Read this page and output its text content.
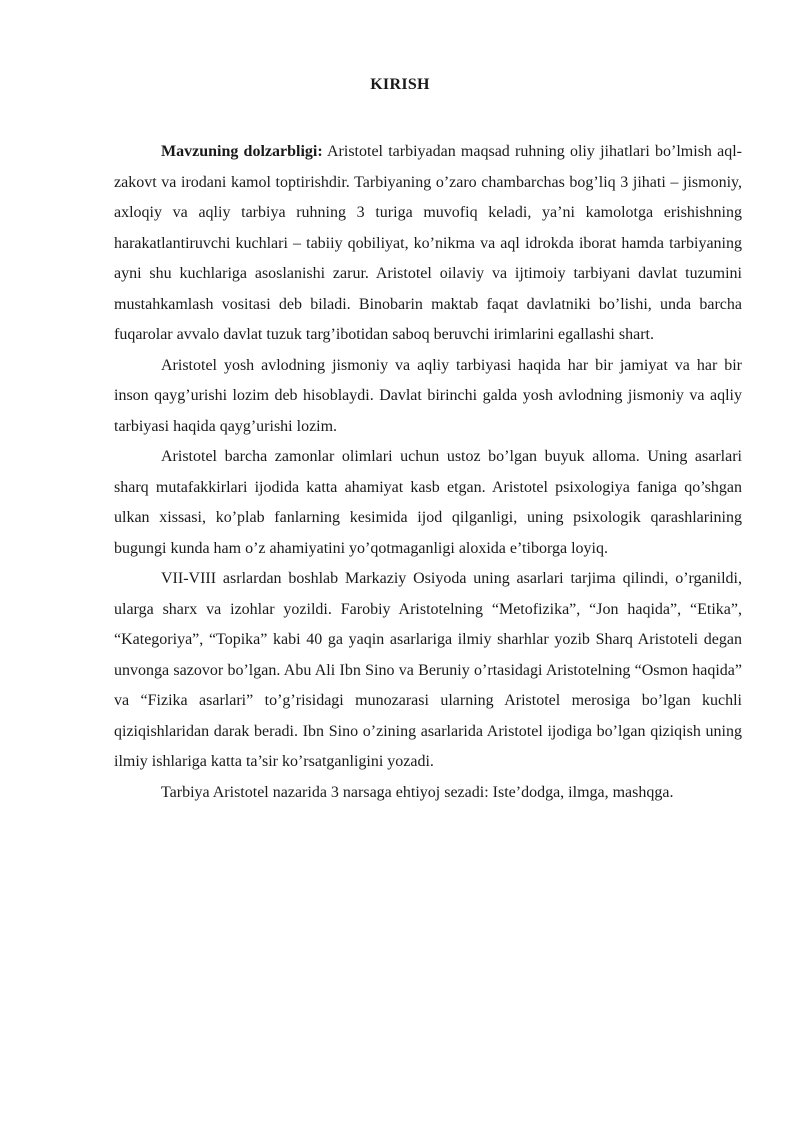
KIRISH

Mavzuning dolzarbligi: Aristotel tarbiyadan maqsad ruhning oliy jihatlari bo’lmish aql-zakovt va irodani kamol toptirishdir. Tarbiyaning o’zaro chambarchas bog’liq 3 jihati – jismoniy, axloqiy va aqliy tarbiya ruhning 3 turiga muvofiq keladi, ya’ni kamolotga erishishning harakatlantiruvchi kuchlari – tabiiy qobiliyat, ko’nikma va aql idrokda iborat hamda tarbiyaning ayni shu kuchlariga asoslanishi zarur. Aristotel oilaviy va ijtimoiy tarbiyani davlat tuzumini mustahkamlash vositasi deb biladi. Binobarin maktab faqat davlatniki bo’lishi, unda barcha fuqarolar avvalo davlat tuzuk targ’ibotidan saboq beruvchi irimlarini egallashi shart.

Aristotel yosh avlodning jismoniy va aqliy tarbiyasi haqida har bir jamiyat va har bir inson qayg’urishi lozim deb hisoblaydi. Davlat birinchi galda yosh avlodning jismoniy va aqliy tarbiyasi haqida qayg’urishi lozim.

Aristotel barcha zamonlar olimlari uchun ustoz bo’lgan buyuk alloma. Uning asarlari sharq mutafakkirlari ijodida katta ahamiyat kasb etgan. Aristotel psixologiya faniga qo’shgan ulkan xissasi, ko’plab fanlarning kesimida ijod qilganligi, uning psixologik qarashlarining bugungi kunda ham o’z ahamiyatini yo’qotmaganligi aloxida e’tiborga loyiq.

VII-VIII asrlardan boshlab Markaziy Osiyoda uning asarlari tarjima qilindi, o’rganildi, ularga sharx va izohlar yozildi. Farobiy Aristotelning “Metofizika”, “Jon haqida”, “Etika”, “Kategoriya”, “Topika” kabi 40 ga yaqin asarlariga ilmiy sharhlar yozib Sharq Aristoteli degan unvonga sazovor bo’lgan. Abu Ali Ibn Sino va Beruniy o’rtasidagi Aristotelning “Osmon haqida” va “Fizika asarlari” to’g’risidagi munozarasi ularning Aristotel merosiga bo’lgan kuchli qiziqishlaridan darak beradi. Ibn Sino o’zining asarlarida Aristotel ijodiga bo’lgan qiziqish uning ilmiy ishlariga katta ta’sir ko’rsatganligini yozadi.

Tarbiya Aristotel nazarida 3 narsaga ehtiyoj sezadi: Iste’dodga, ilmga, mashqga.
